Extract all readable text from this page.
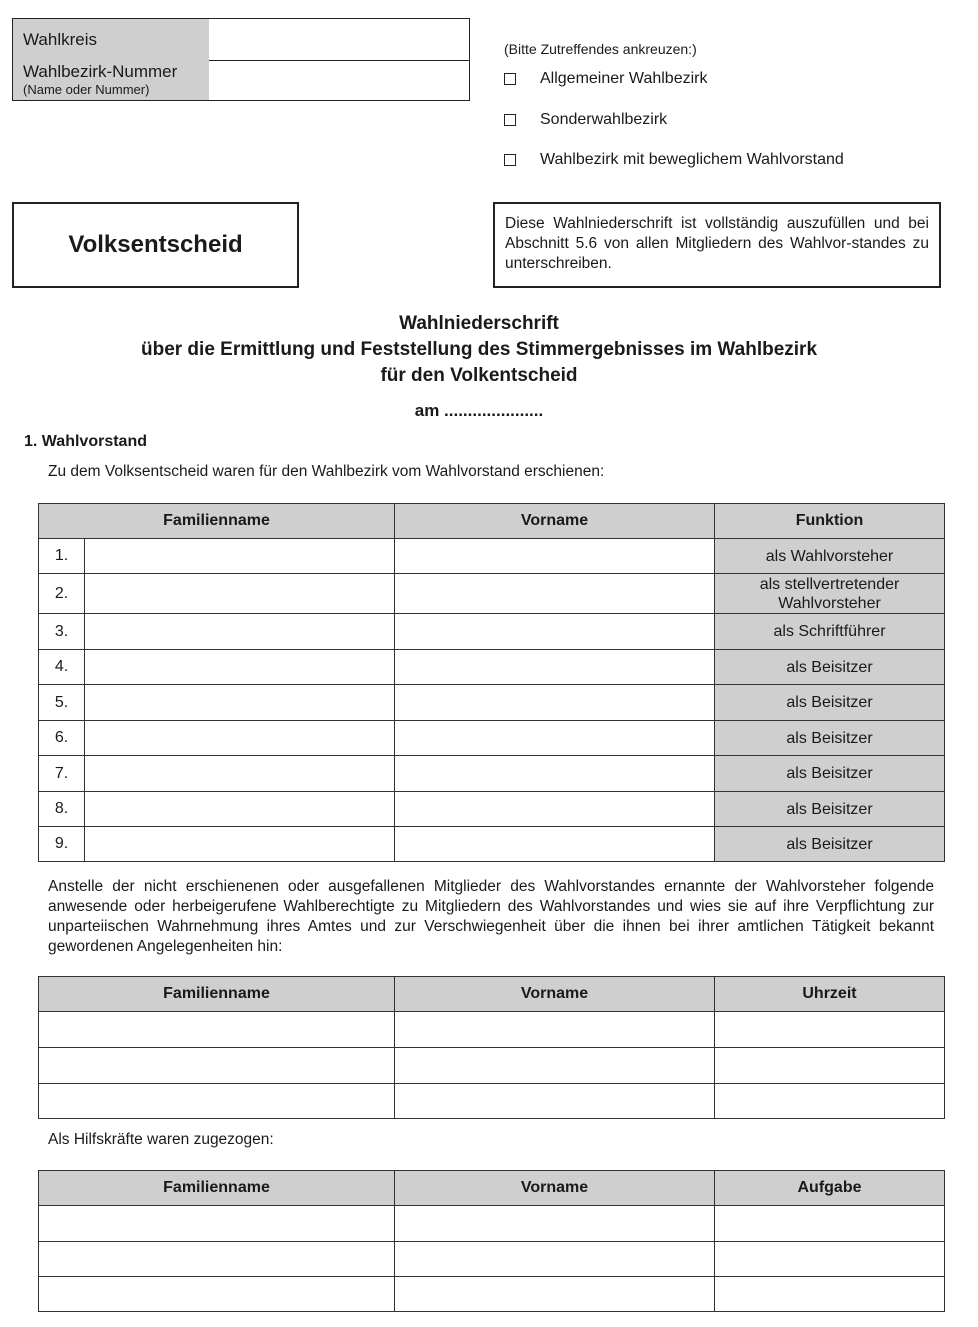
Wahlkreis
Wahlbezirk-Nummer
(Name oder Nummer)
(Bitte Zutreffendes ankreuzen:)
Allgemeiner Wahlbezirk
Sonderwahlbezirk
Wahlbezirk mit beweglichem Wahlvorstand
Volksentscheid
Diese Wahlniederschrift ist vollständig auszufüllen und bei Abschnitt 5.6 von allen Mitgliedern des Wahlvor-standes zu unterschreiben.
Wahlniederschrift
über die Ermittlung und Feststellung des Stimmergebnisses im Wahlbezirk
für den Volkentscheid
am .....................
1. Wahlvorstand
Zu dem Volksentscheid waren für den Wahlbezirk vom Wahlvorstand erschienen:
Familienname		Vorname	Funktion
1.			als Wahlvorsteher
2.			als stellvertretender Wahlvorsteher
3.			als Schriftführer
4.			als Beisitzer
5.			als Beisitzer
6.			als Beisitzer
7.			als Beisitzer
8.			als Beisitzer
9.			als Beisitzer
Anstelle der nicht erschienenen oder ausgefallenen Mitglieder des Wahlvorstandes ernannte der Wahlvorsteher folgende anwesende oder herbeigerufene Wahlberechtigte zu Mitgliedern des Wahlvorstandes und wies sie auf ihre Verpflichtung zur unparteiischen Wahrnehmung ihres Amtes und zur Verschwiegenheit über die ihnen bei ihrer amtlichen Tätigkeit bekannt gewordenen Angelegenheiten hin:
Familienname	Vorname	Uhrzeit

Als Hilfskräfte waren zugezogen:
Familienname	Vorname	Aufgabe
